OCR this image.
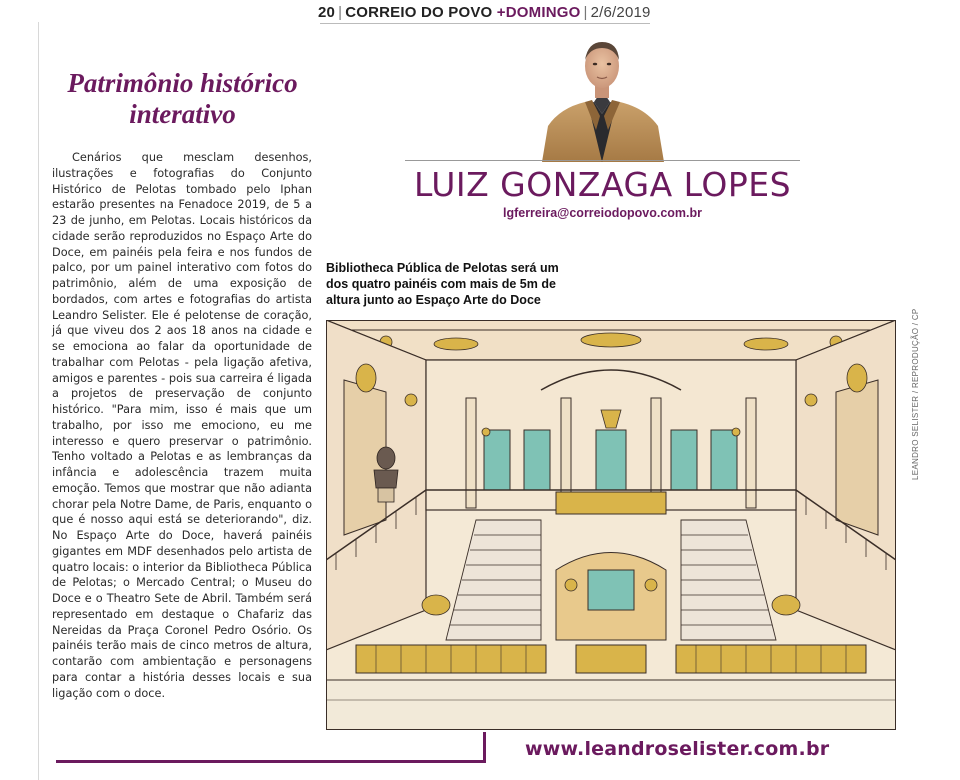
20 | CORREIO DO POVO +DOMINGO | 2/6/2019
Patrimônio histórico interativo
Cenários que mesclam desenhos, ilustrações e fotografias do Conjunto Histórico de Pelotas tombado pelo Iphan estarão presentes na Fenadoce 2019, de 5 a 23 de junho, em Pelotas. Locais históricos da cidade serão reproduzidos no Espaço Arte do Doce, em painéis pela feira e nos fundos de palco, por um painel interativo com fotos do patrimônio, além de uma exposição de bordados, com artes e fotografias do artista Leandro Selister. Ele é pelotense de coração, já que viveu dos 2 aos 18 anos na cidade e se emociona ao falar da oportunidade de trabalhar com Pelotas - pela ligação afetiva, amigos e parentes - pois sua carreira é ligada a projetos de preservação de conjunto histórico. "Para mim, isso é mais que um trabalho, por isso me emociono, eu me interesso e quero preservar o patrimônio. Tenho voltado a Pelotas e as lembranças da infância e adolescência trazem muita emoção. Temos que mostrar que não adianta chorar pela Notre Dame, de Paris, enquanto o que é nosso aqui está se deteriorando", diz. No Espaço Arte do Doce, haverá painéis gigantes em MDF desenhados pelo artista de quatro locais: o interior da Bibliotheca Pública de Pelotas; o Mercado Central; o Museu do Doce e o Theatro Sete de Abril. Também será representado em destaque o Chafariz das Nereidas da Praça Coronel Pedro Osório. Os painéis terão mais de cinco metros de altura, contarão com ambientação e personagens para contar a história desses locais e sua ligação com o doce.
LUIZ GONZAGA LOPES
lgferreira@correiodopovo.com.br
Bibliotheca Pública de Pelotas será um dos quatro painéis com mais de 5m de altura junto ao Espaço Arte do Doce
LEANDRO SELISTER / REPRODUÇÃO / CP
www.leandroselister.com.br
